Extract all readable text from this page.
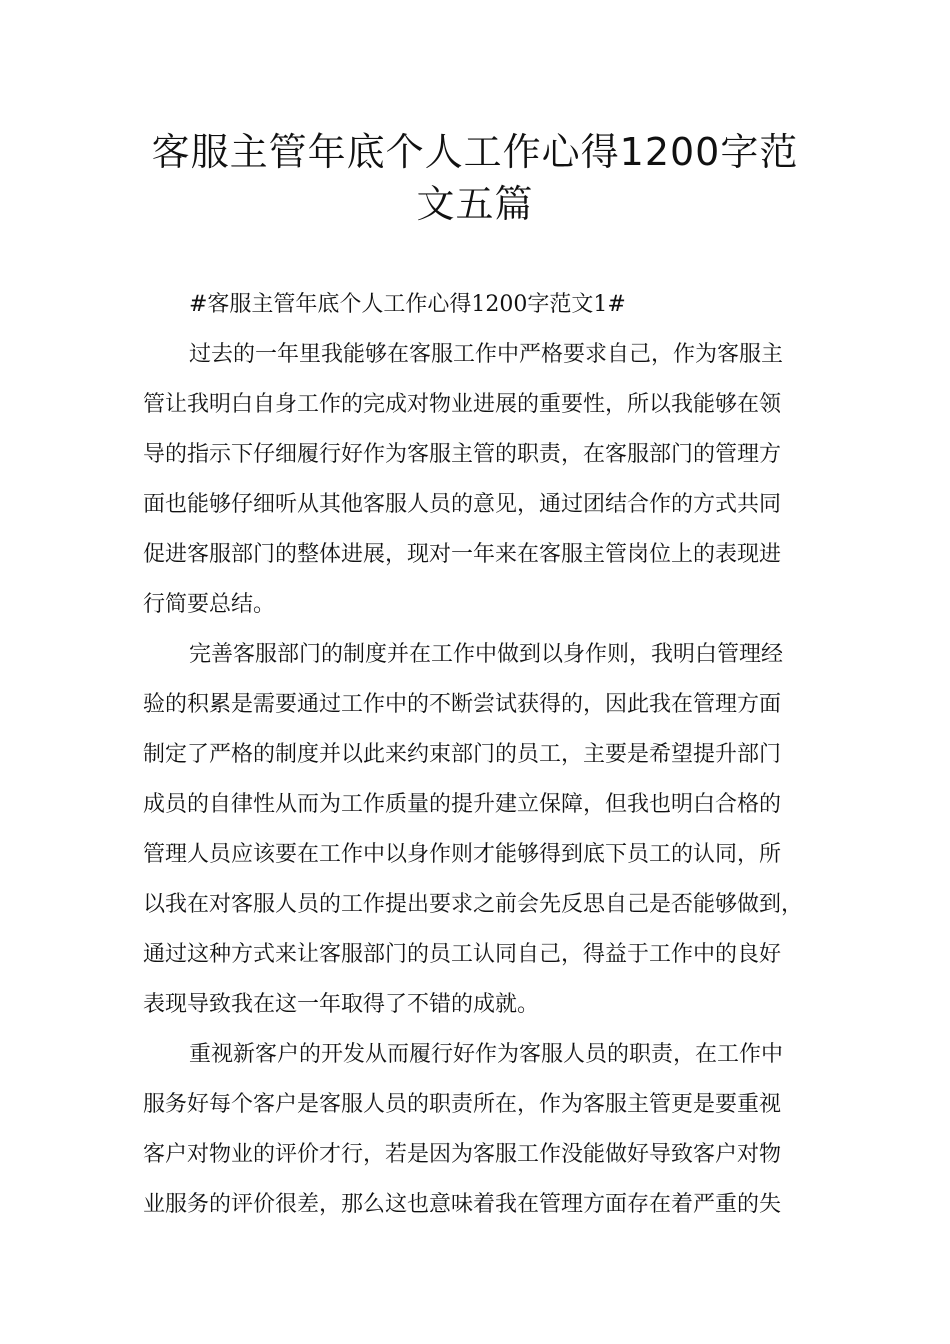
客服主管年底个人工作心得1200字范
文五篇
#客服主管年底个人工作心得1200字范文1#
过去的一年里我能够在客服工作中严格要求自己，作为客服主
管让我明白自身工作的完成对物业进展的重要性，所以我能够在领
导的指示下仔细履行好作为客服主管的职责，在客服部门的管理方
面也能够仔细听从其他客服人员的意见，通过团结合作的方式共同
促进客服部门的整体进展，现对一年来在客服主管岗位上的表现进
行简要总结。
完善客服部门的制度并在工作中做到以身作则，我明白管理经
验的积累是需要通过工作中的不断尝试获得的，因此我在管理方面
制定了严格的制度并以此来约束部门的员工，主要是希望提升部门
成员的自律性从而为工作质量的提升建立保障，但我也明白合格的
管理人员应该要在工作中以身作则才能够得到底下员工的认同，所
以我在对客服人员的工作提出要求之前会先反思自己是否能够做到，
通过这种方式来让客服部门的员工认同自己，得益于工作中的良好
表现导致我在这一年取得了不错的成就。
重视新客户的开发从而履行好作为客服人员的职责，在工作中
服务好每个客户是客服人员的职责所在，作为客服主管更是要重视
客户对物业的评价才行，若是因为客服工作没能做好导致客户对物
业服务的评价很差，那么这也意味着我在管理方面存在着严重的失
